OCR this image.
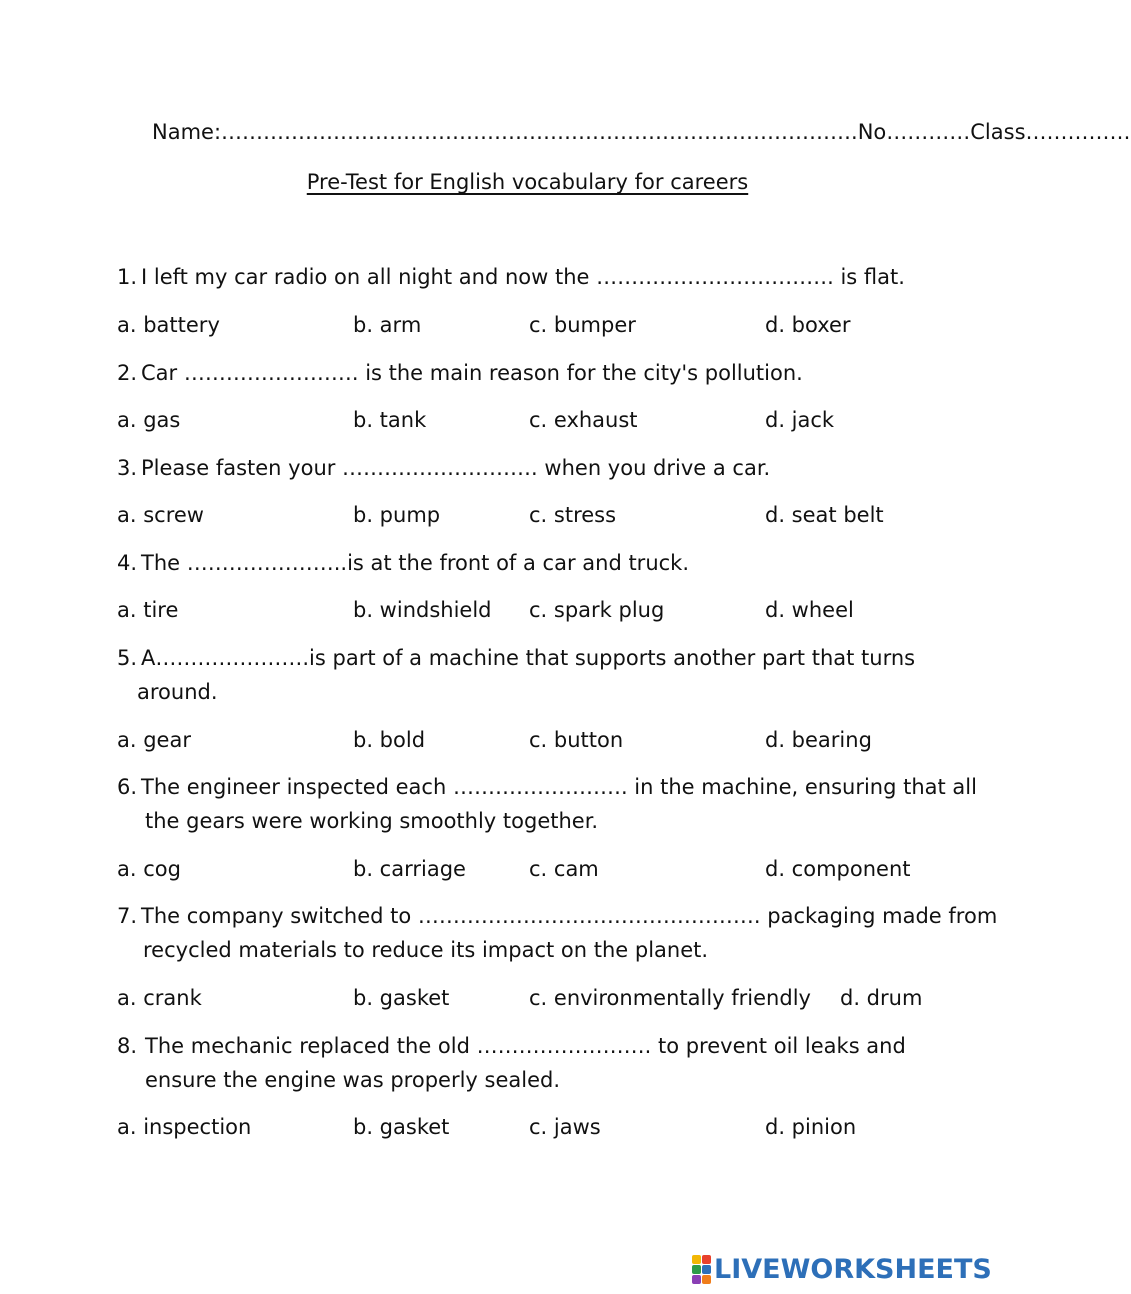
Name:……………………………………………………………………………….No…………Class……………
Pre-Test for English vocabulary for careers
1. I left my car radio on all night and now the ……………………………. is flat.
a. battery	b. arm	c. bumper	d. boxer
2. Car ……………………. is the main reason for the city's pollution.
a. gas	b. tank	c. exhaust	d. jack
3. Please fasten your ………………………. when you drive a car.
a. screw	b. pump	c. stress	d. seat belt
4. The …………………..is at the front of a car and truck.
a. tire	b. windshield c. spark plug	d. wheel
5. A………………….is part of a machine that supports another part that turns
around.
a. gear	b. bold	c. button	d. bearing
6. The engineer inspected each ……………………. in the machine, ensuring that all
the gears were working smoothly together.
a. cog	b. carriage	c. cam	d. component
7. The company switched to …………………………………………. packaging made from
recycled materials to reduce its impact on the planet.
a. crank	b. gasket	c. environmentally friendly d. drum
8. The mechanic replaced the old ……………………. to prevent oil leaks and
ensure the engine was properly sealed.
a. inspection	b. gasket	c. jaws	d. pinion
LIVEWORKSHEETS
